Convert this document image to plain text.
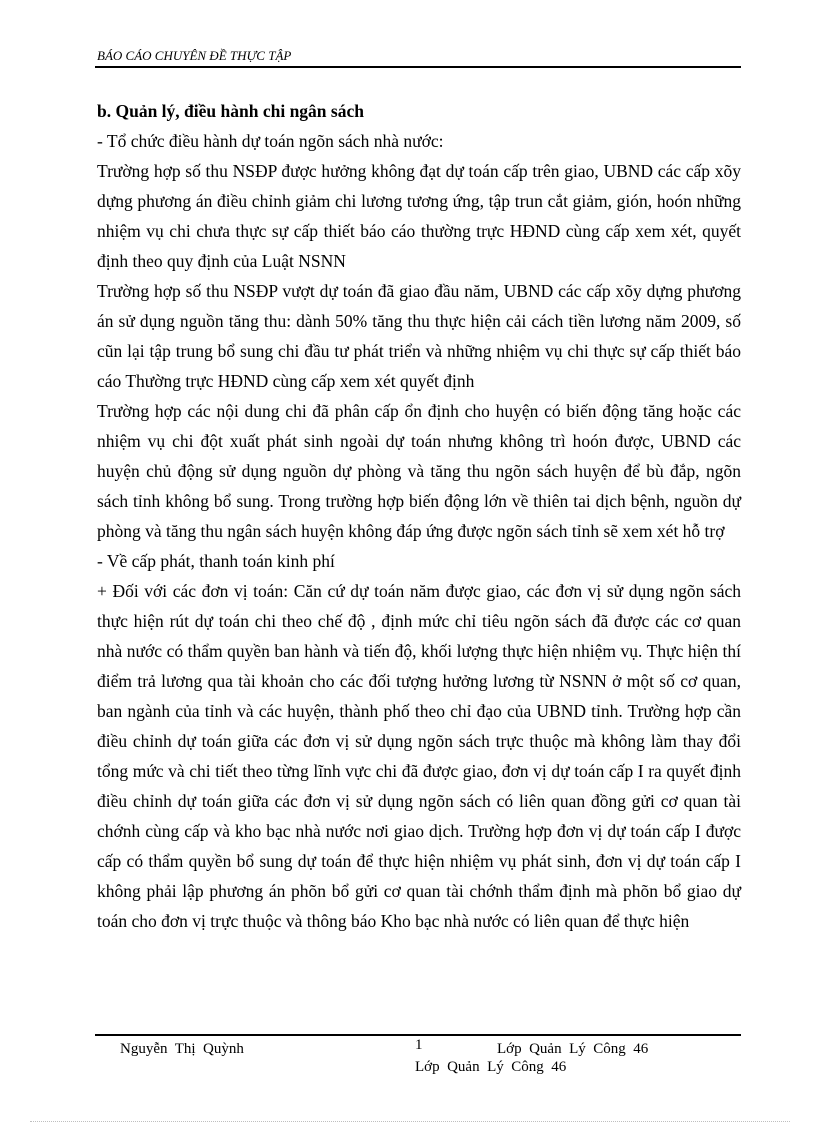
BÁO CÁO CHUYÊN ĐỀ THỰC TẬP

b. Quản lý, điều hành chi ngân sách

- Tổ chức điều hành dự toán ngõn sách nhà nước:

Trường hợp số thu NSĐP được hưởng không đạt dự toán cấp trên giao, UBND các cấp xõy dựng phương án điều chỉnh giảm chi lương tương ứng, tập trun cắt giảm, gión, hoón những nhiệm vụ chi chưa thực sự cấp thiết báo cáo thường trực HĐND cùng cấp xem xét, quyết định theo quy định của Luật NSNN

Trường hợp số thu NSĐP vượt dự toán đã giao đầu năm, UBND các cấp xõy dựng phương án sử dụng nguồn tăng thu: dành 50% tăng thu thực hiện cải cách tiền lương năm 2009, số cũn lại tập trung bổ sung chi đầu tư phát triển và những nhiệm vụ chi thực sự cấp thiết báo cáo Thường trực HĐND cùng cấp xem xét quyết định

Trường hợp các nội dung chi đã phân cấp ổn định cho huyện có biến động tăng hoặc các nhiệm vụ chi đột xuất phát sinh ngoài dự toán nhưng không trì hoón được, UBND các huyện chủ động sử dụng nguồn dự phòng và tăng thu ngõn sách huyện để bù đắp, ngõn sách tỉnh không bổ sung. Trong trường hợp biến động lớn về thiên tai dịch bệnh, nguồn dự phòng và tăng thu ngân sách huyện không đáp ứng được ngõn sách tỉnh sẽ xem xét hỗ trợ

- Về cấp phát, thanh toán kinh phí

+ Đối với các đơn vị toán: Căn cứ dự toán năm được giao, các đơn vị sử dụng ngõn sách thực hiện rút dự toán chi theo chế độ , định mức chỉ tiêu ngõn sách đã được các cơ quan nhà nước có thẩm quyền ban hành và tiến độ, khối lượng thực hiện nhiệm vụ. Thực hiện thí điểm trả lương qua tài khoản cho các đối tượng hưởng lương từ NSNN ở một số cơ quan, ban ngành của tỉnh và các huyện, thành phố theo chỉ đạo của UBND tỉnh. Trường hợp cần điều chỉnh dự toán giữa các đơn vị sử dụng ngõn sách trực thuộc mà không làm thay đổi tổng mức và chi tiết theo từng lĩnh vực chi đã được giao, đơn vị dự toán cấp I ra quyết định điều chỉnh dự toán giữa các đơn vị sử dụng ngõn sách có liên quan đồng gửi cơ quan tài chớnh cùng cấp và kho bạc nhà nước nơi giao dịch. Trường hợp đơn vị dự toán cấp I được cấp có thẩm quyền bổ sung dự toán để thực hiện nhiệm vụ phát sinh, đơn vị dự toán cấp I không phải lập phương án phõn bổ gửi cơ quan tài chớnh thẩm định mà phõn bổ giao dự toán cho đơn vị trực thuộc và thông báo Kho bạc nhà nước có liên quan để thực hiện

Nguyễn  Thị  Quỳnh	1	Lớp  Quản  Lý  Công  46
Lớp  Quản  Lý  Công  46
